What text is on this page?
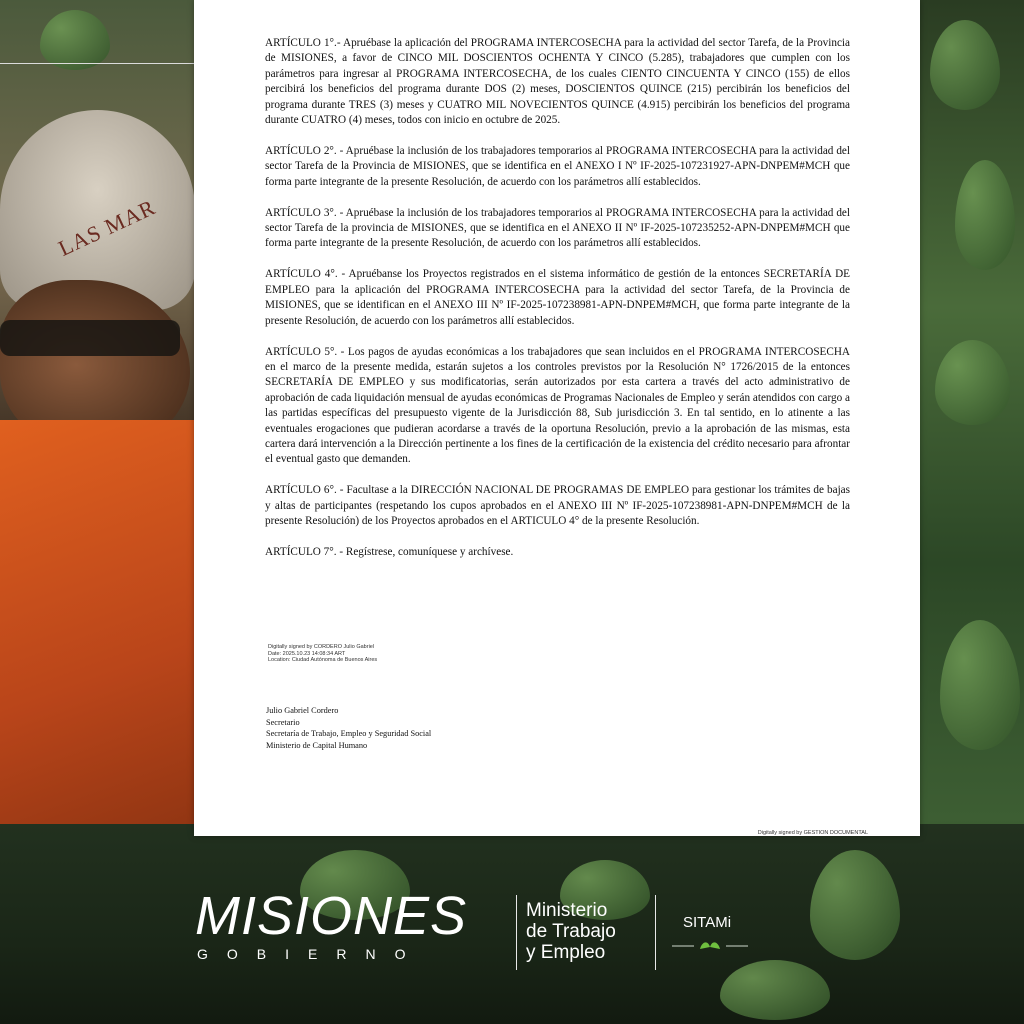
LAS MAR

ARTÍCULO 1°.- Apruébase la aplicación del PROGRAMA INTERCOSECHA para la actividad del sector Tarefa, de la Provincia de MISIONES, a favor de CINCO MIL DOSCIENTOS OCHENTA Y CINCO (5.285), trabajadores que cumplen con los parámetros para ingresar al PROGRAMA INTERCOSECHA, de los cuales CIENTO CINCUENTA Y CINCO (155) de ellos percibirá los beneficios del programa durante DOS (2) meses, DOSCIENTOS QUINCE (215) percibirán los beneficios del programa durante TRES (3) meses y CUATRO MIL NOVECIENTOS QUINCE (4.915) percibirán los beneficios del programa durante CUATRO (4) meses, todos con inicio en octubre de 2025.

ARTÍCULO 2°. - Apruébase la inclusión de los trabajadores temporarios al PROGRAMA INTERCOSECHA para la actividad del sector Tarefa de la Provincia de MISIONES, que se identifica en el ANEXO I Nº IF-2025-107231927-APN-DNPEM#MCH que forma parte integrante de la presente Resolución, de acuerdo con los parámetros allí establecidos.

ARTÍCULO 3°. - Apruébase la inclusión de los trabajadores temporarios al PROGRAMA INTERCOSECHA para la actividad del sector Tarefa de la provincia de MISIONES, que se identifica en el ANEXO II Nº IF-2025-107235252-APN-DNPEM#MCH que forma parte integrante de la presente Resolución, de acuerdo con los parámetros allí establecidos.

ARTÍCULO 4°. - Apruébanse los Proyectos registrados en el sistema informático de gestión de la entonces SECRETARÍA DE EMPLEO para la aplicación del PROGRAMA INTERCOSECHA para la actividad del sector Tarefa, de la Provincia de MISIONES, que se identifican en el ANEXO III Nº IF-2025-107238981-APN-DNPEM#MCH, que forma parte integrante de la presente Resolución, de acuerdo con los parámetros allí establecidos.

ARTÍCULO 5°. - Los pagos de ayudas económicas a los trabajadores que sean incluidos en el PROGRAMA INTERCOSECHA en el marco de la presente medida, estarán sujetos a los controles previstos por la Resolución N° 1726/2015 de la entonces SECRETARÍA DE EMPLEO y sus modificatorias, serán autorizados por esta cartera a través del acto administrativo de aprobación de cada liquidación mensual de ayudas económicas de Programas Nacionales de Empleo y serán atendidos con cargo a las partidas específicas del presupuesto vigente de la Jurisdicción 88, Sub jurisdicción 3. En tal sentido, en lo atinente a las eventuales erogaciones que pudieran acordarse a través de la oportuna Resolución, previo a la aprobación de las mismas, esta cartera dará intervención a la Dirección pertinente a los fines de la certificación de la existencia del crédito necesario para afrontar el eventual gasto que demanden.

ARTÍCULO 6°. - Facultase a la DIRECCIÓN NACIONAL DE PROGRAMAS DE EMPLEO para gestionar los trámites de bajas y altas de participantes (respetando los cupos aprobados en el ANEXO III Nº IF-2025-107238981-APN-DNPEM#MCH de la presente Resolución) de los Proyectos aprobados en el ARTICULO 4° de la presente Resolución.

ARTÍCULO 7°. - Regístrese, comuníquese y archívese.

Digitally signed by CORDERO Julio Gabriel
Date: 2025.10.23 14:08:34 ART
Location: Ciudad Autónoma de Buenos Aires
Julio Gabriel Cordero
Secretario
Secretaría de Trabajo, Empleo y Seguridad Social
Ministerio de Capital Humano
Digitally signed by GESTION DOCUMENTAL
MISIONES
GOBIERNO
Ministerio
de Trabajo
y Empleo
SITAMi
